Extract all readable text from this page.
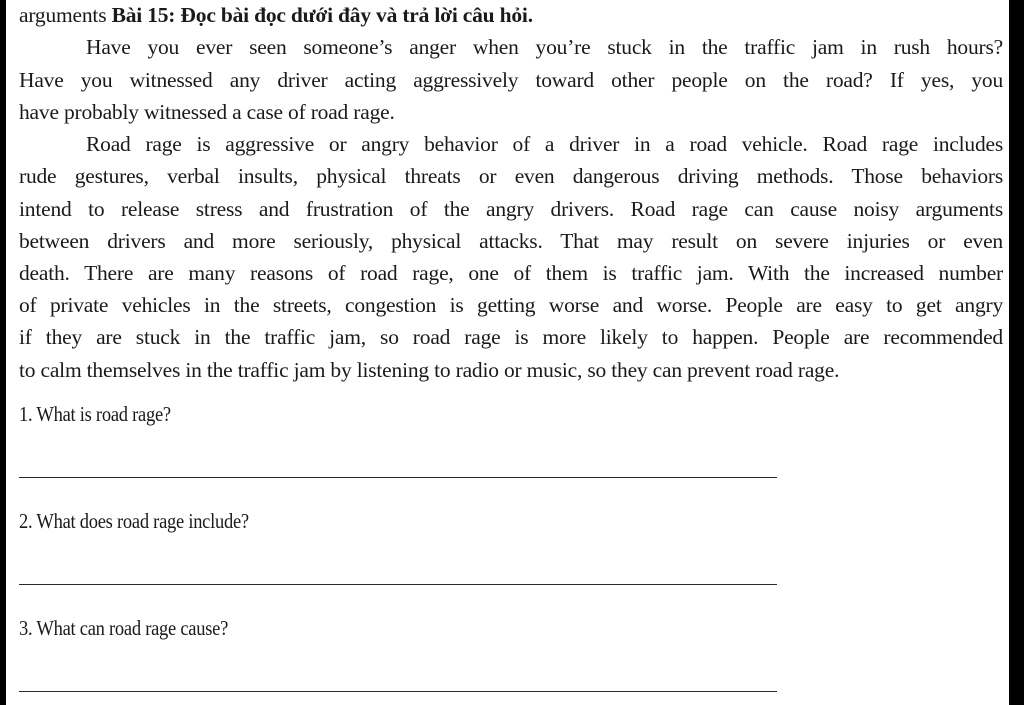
arguments Bài 15: Đọc bài đọc dưới đây và trả lời câu hỏi.
Have you ever seen someone’s anger when you’re stuck in the traffic jam in rush hours?
Have you witnessed any driver acting aggressively toward other people on the road? If yes, you
have probably witnessed a case of road rage.
Road rage is aggressive or angry behavior of a driver in a road vehicle. Road rage includes
rude gestures, verbal insults, physical threats or even dangerous driving methods. Those behaviors
intend to release stress and frustration of the angry drivers. Road rage can cause noisy arguments
between drivers and more seriously, physical attacks. That may result on severe injuries or even
death. There are many reasons of road rage, one of them is traffic jam. With the increased number
of private vehicles in the streets, congestion is getting worse and worse. People are easy to get angry
if they are stuck in the traffic jam, so road rage is more likely to happen. People are recommended
to calm themselves in the traffic jam by listening to radio or music, so they can prevent road rage.
1. What is road rage?
2. What does road rage include?
3. What can road rage cause?
